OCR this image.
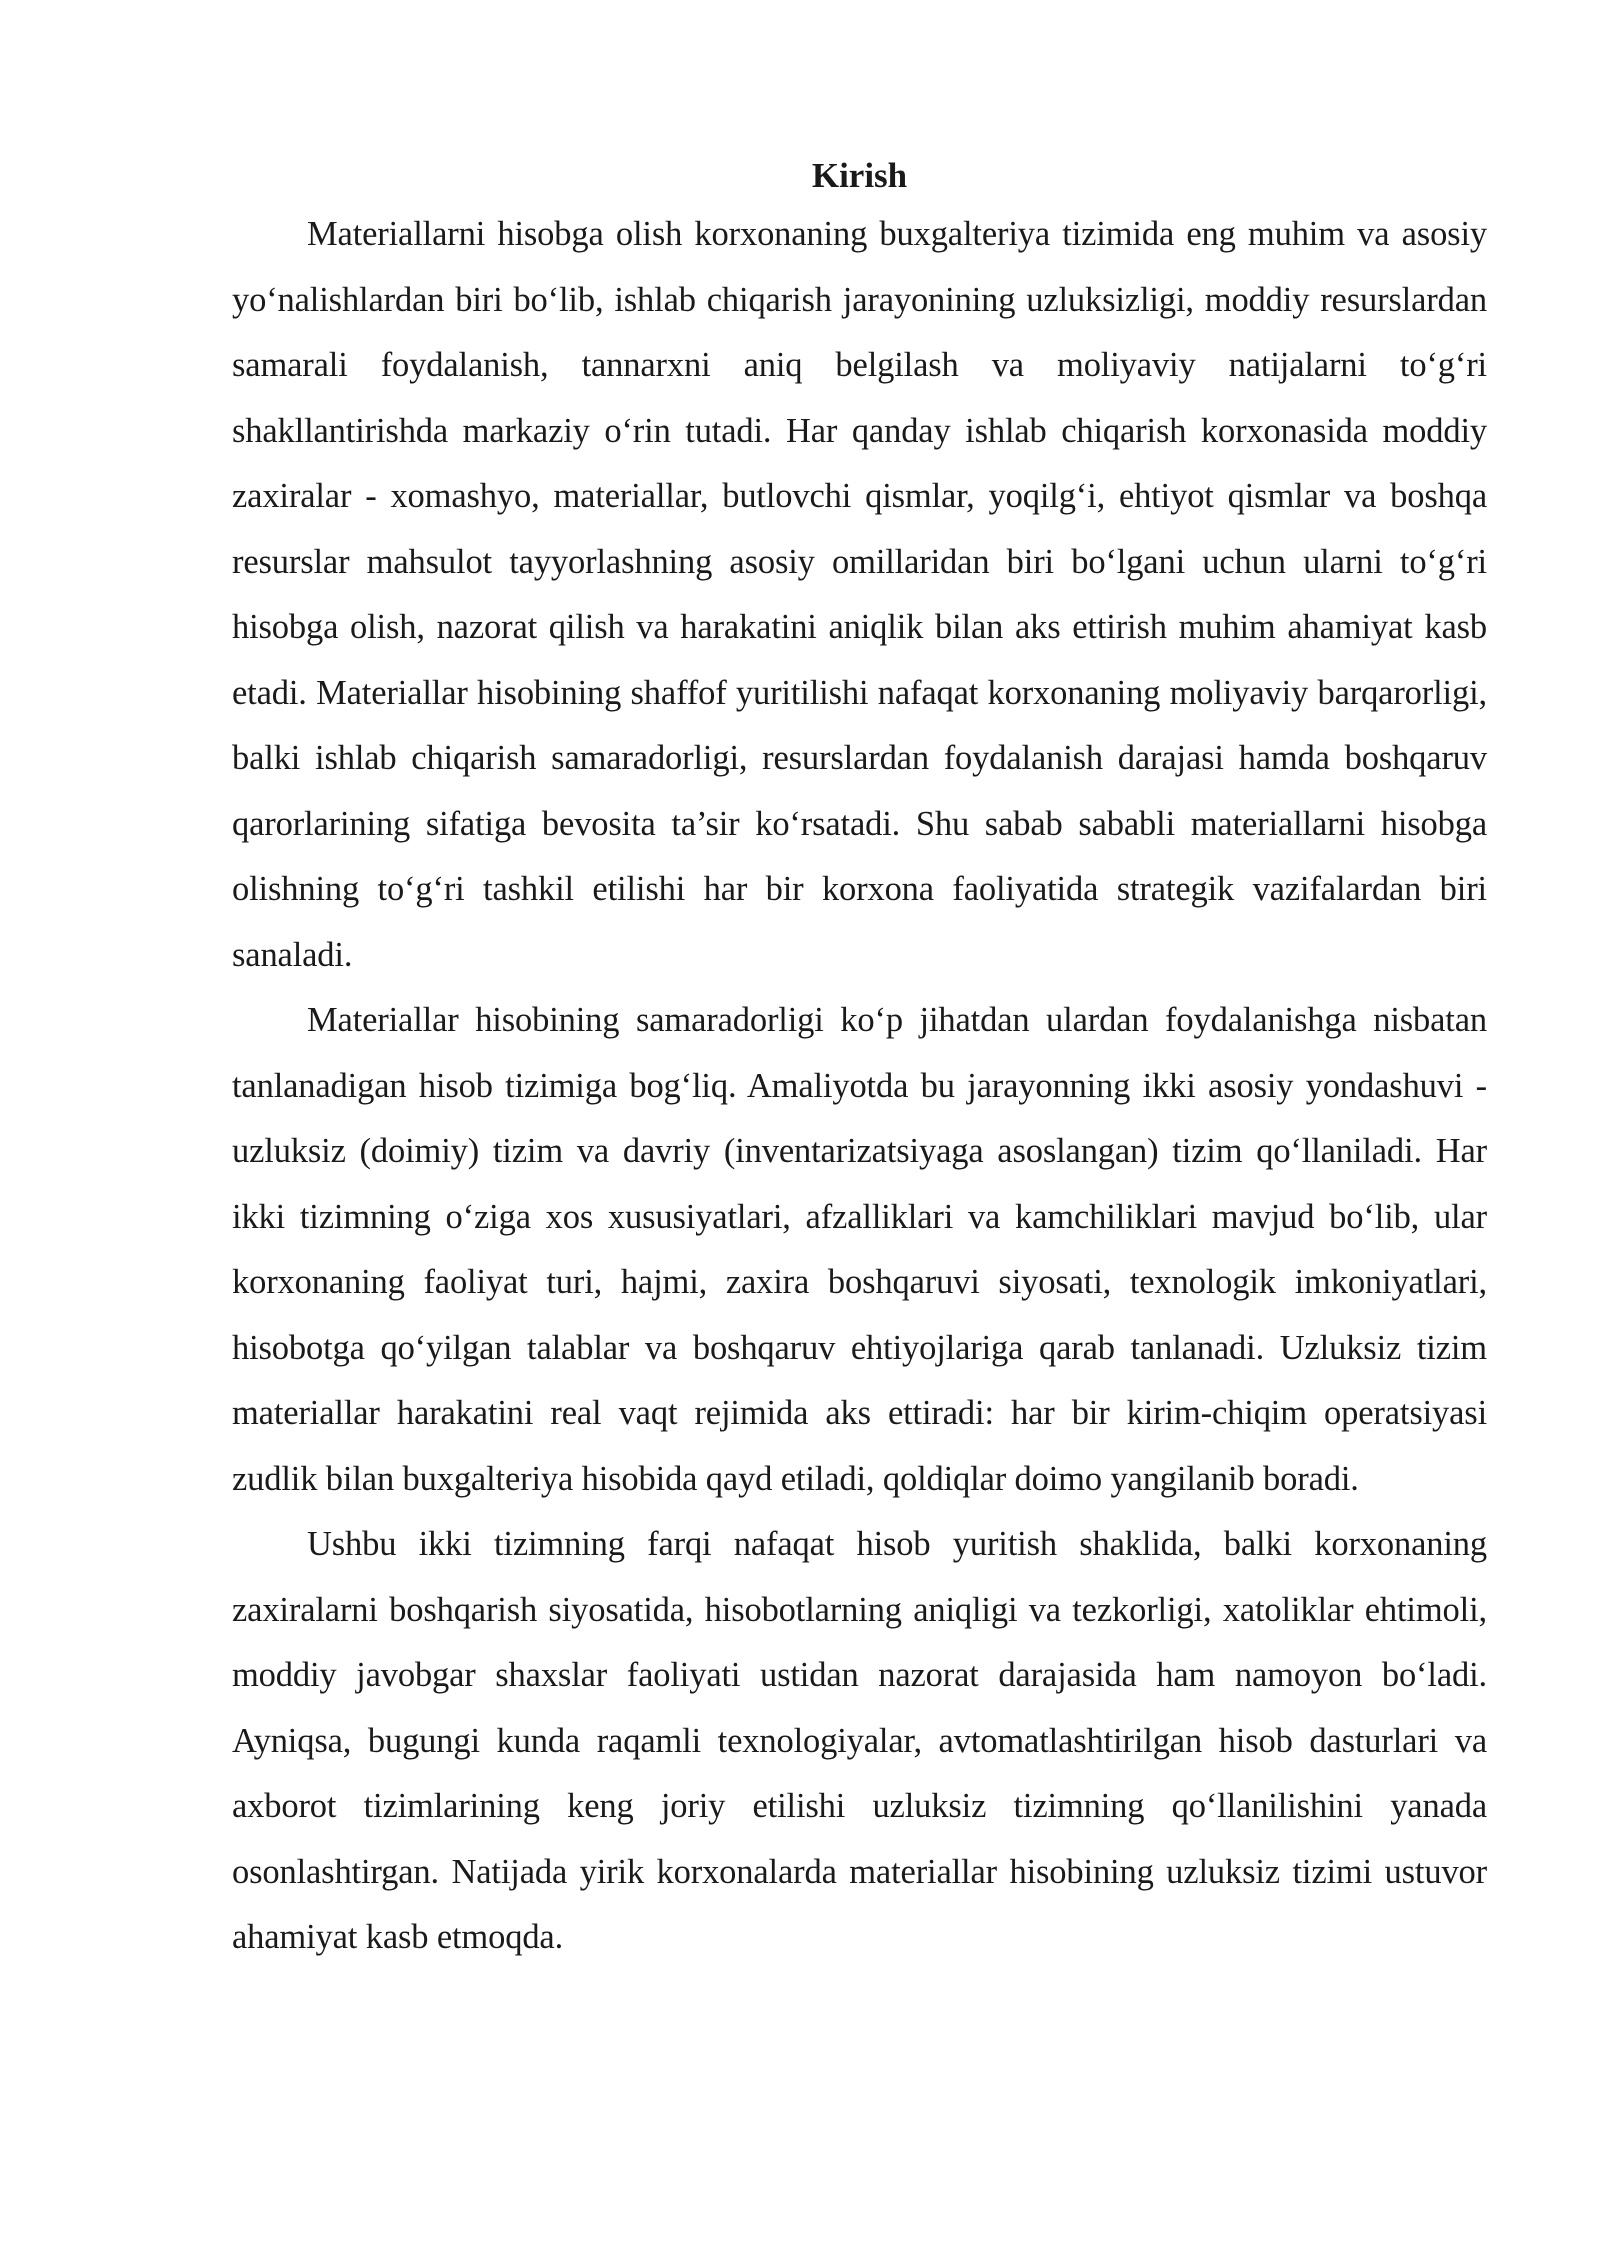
Kirish

Materiallarni hisobga olish korxonaning buxgalteriya tizimida eng muhim va asosiy yo‘nalishlardan biri bo‘lib, ishlab chiqarish jarayonining uzluksizligi, moddiy resurslardan samarali foydalanish, tannarxni aniq belgilash va moliyaviy natijalarni to‘g‘ri shakllantirishda markaziy o‘rin tutadi. Har qanday ishlab chiqarish korxonasida moddiy zaxiralar - xomashyo, materiallar, butlovchi qismlar, yoqilg‘i, ehtiyot qismlar va boshqa resurslar mahsulot tayyorlashning asosiy omillaridan biri bo‘lgani uchun ularni to‘g‘ri hisobga olish, nazorat qilish va harakatini aniqlik bilan aks ettirish muhim ahamiyat kasb etadi. Materiallar hisobining shaffof yuritilishi nafaqat korxonaning moliyaviy barqarorligi, balki ishlab chiqarish samaradorligi, resurslardan foydalanish darajasi hamda boshqaruv qarorlarining sifatiga bevosita ta’sir ko‘rsatadi. Shu sabab sababli materiallarni hisobga olishning to‘g‘ri tashkil etilishi har bir korxona faoliyatida strategik vazifalardan biri sanaladi.

Materiallar hisobining samaradorligi ko‘p jihatdan ulardan foydalanishga nisbatan tanlanadigan hisob tizimiga bog‘liq. Amaliyotda bu jarayonning ikki asosiy yondashuvi - uzluksiz (doimiy) tizim va davriy (inventarizatsiyaga asoslangan) tizim qo‘llaniladi. Har ikki tizimning o‘ziga xos xususiyatlari, afzalliklari va kamchiliklari mavjud bo‘lib, ular korxonaning faoliyat turi, hajmi, zaxira boshqaruvi siyosati, texnologik imkoniyatlari, hisobotga qo‘yilgan talablar va boshqaruv ehtiyojlariga qarab tanlanadi. Uzluksiz tizim materiallar harakatini real vaqt rejimida aks ettiradi: har bir kirim-chiqim operatsiyasi zudlik bilan buxgalteriya hisobida qayd etiladi, qoldiqlar doimo yangilanib boradi.

Ushbu ikki tizimning farqi nafaqat hisob yuritish shaklida, balki korxonaning zaxiralarni boshqarish siyosatida, hisobotlarning aniqligi va tezkorligi, xatoliklar ehtimoli, moddiy javobgar shaxslar faoliyati ustidan nazorat darajasida ham namoyon bo‘ladi. Ayniqsa, bugungi kunda raqamli texnologiyalar, avtomatlashtirilgan hisob dasturlari va axborot tizimlarining keng joriy etilishi uzluksiz tizimning qo‘llanilishini yanada osonlashtirgan. Natijada yirik korxonalarda materiallar hisobining uzluksiz tizimi ustuvor ahamiyat kasb etmoqda.
